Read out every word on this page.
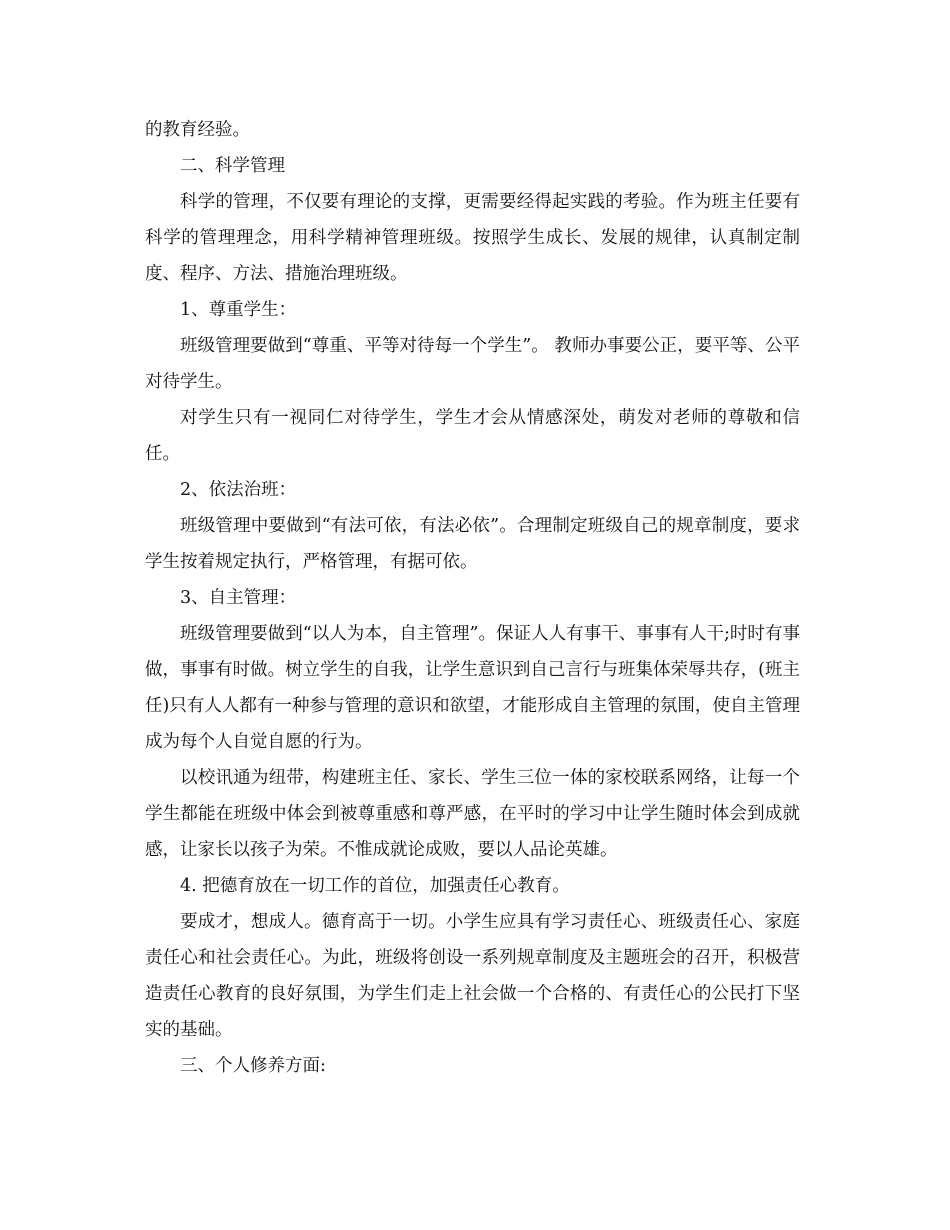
的教育经验。

二、科学管理

科学的管理，不仅要有理论的支撑，更需要经得起实践的考验。作为班主任要有科学的管理理念，用科学精神管理班级。按照学生成长、发展的规律，认真制定制度、程序、方法、措施治理班级。

1、尊重学生：

班级管理要做到“尊重、平等对待每一个学生”。 教师办事要公正，要平等、公平对待学生。

对学生只有一视同仁对待学生，学生才会从情感深处，萌发对老师的尊敬和信任。

2、依法治班：

班级管理中要做到“有法可依，有法必依”。合理制定班级自己的规章制度，要求学生按着规定执行，严格管理，有据可依。

3、自主管理：

班级管理要做到“以人为本，自主管理”。保证人人有事干、事事有人干;时时有事做，事事有时做。树立学生的自我，让学生意识到自己言行与班集体荣辱共存，(班主任)只有人人都有一种参与管理的意识和欲望，才能形成自主管理的氛围，使自主管理成为每个人自觉自愿的行为。

以校讯通为纽带，构建班主任、家长、学生三位一体的家校联系网络，让每一个学生都能在班级中体会到被尊重感和尊严感，在平时的学习中让学生随时体会到成就感，让家长以孩子为荣。不惟成就论成败，要以人品论英雄。

4. 把德育放在一切工作的首位，加强责任心教育。

要成才，想成人。德育高于一切。小学生应具有学习责任心、班级责任心、家庭责任心和社会责任心。为此，班级将创设一系列规章制度及主题班会的召开，积极营造责任心教育的良好氛围，为学生们走上社会做一个合格的、有责任心的公民打下坚实的基础。

三、个人修养方面:
